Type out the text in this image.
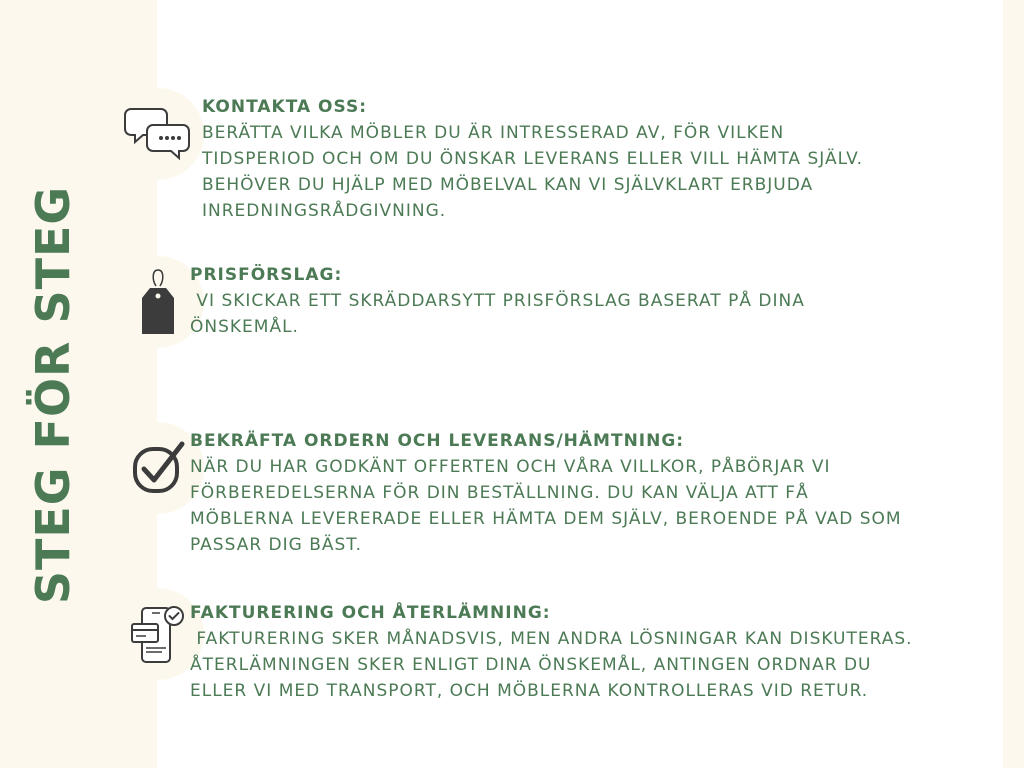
STEG FÖR STEG
KONTAKTA OSS:
BERÄTTA VILKA MÖBLER DU ÄR INTRESSERAD AV, FÖR VILKEN
TIDSPERIOD OCH OM DU ÖNSKAR LEVERANS ELLER VILL HÄMTA SJÄLV.
BEHÖVER DU HJÄLP MED MÖBELVAL KAN VI SJÄLVKLART ERBJUDA
INREDNINGSRÅDGIVNING.
PRISFÖRSLAG:
VI SKICKAR ETT SKRÄDDARSYTT PRISFÖRSLAG BASERAT PÅ DINA
ÖNSKEMÅL.
BEKRÄFTA ORDERN OCH LEVERANS/HÄMTNING:
NÄR DU HAR GODKÄNT OFFERTEN OCH VÅRA VILLKOR, PÅBÖRJAR VI
FÖRBEREDELSERNA FÖR DIN BESTÄLLNING. DU KAN VÄLJA ATT FÅ
MÖBLERNA LEVERERADE ELLER HÄMTA DEM SJÄLV, BEROENDE PÅ VAD SOM
PASSAR DIG BÄST.
FAKTURERING OCH ÅTERLÄMNING:
FAKTURERING SKER MÅNADSVIS, MEN ANDRA LÖSNINGAR KAN DISKUTERAS.
ÅTERLÄMNINGEN SKER ENLIGT DINA ÖNSKEMÅL, ANTINGEN ORDNAR DU
ELLER VI MED TRANSPORT, OCH MÖBLERNA KONTROLLERAS VID RETUR.
